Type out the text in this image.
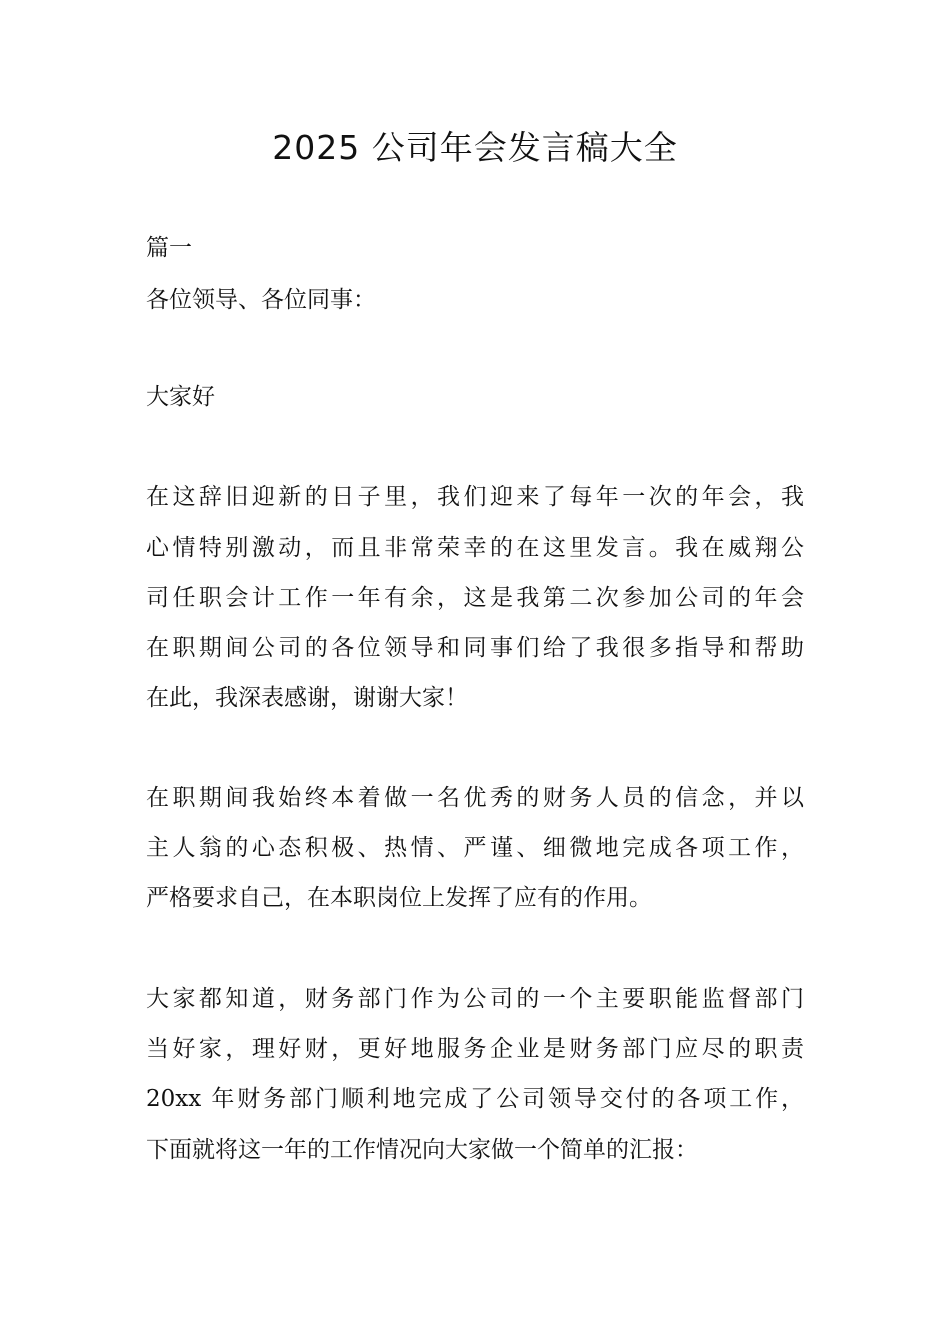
2025 公司年会发言稿大全
篇一
各位领导、各位同事：
大家好
在这辞旧迎新的日子里，我们迎来了每年一次的年会，我
心情特别激动，而且非常荣幸的在这里发言。我在威翔公
司任职会计工作一年有余，这是我第二次参加公司的年会
在职期间公司的各位领导和同事们给了我很多指导和帮助
在此，我深表感谢，谢谢大家！
在职期间我始终本着做一名优秀的财务人员的信念，并以
主人翁的心态积极、热情、严谨、细微地完成各项工作，
严格要求自己，在本职岗位上发挥了应有的作用。
大家都知道，财务部门作为公司的一个主要职能监督部门
当好家，理好财，更好地服务企业是财务部门应尽的职责
20xx 年财务部门顺利地完成了公司领导交付的各项工作，
下面就将这一年的工作情况向大家做一个简单的汇报：
